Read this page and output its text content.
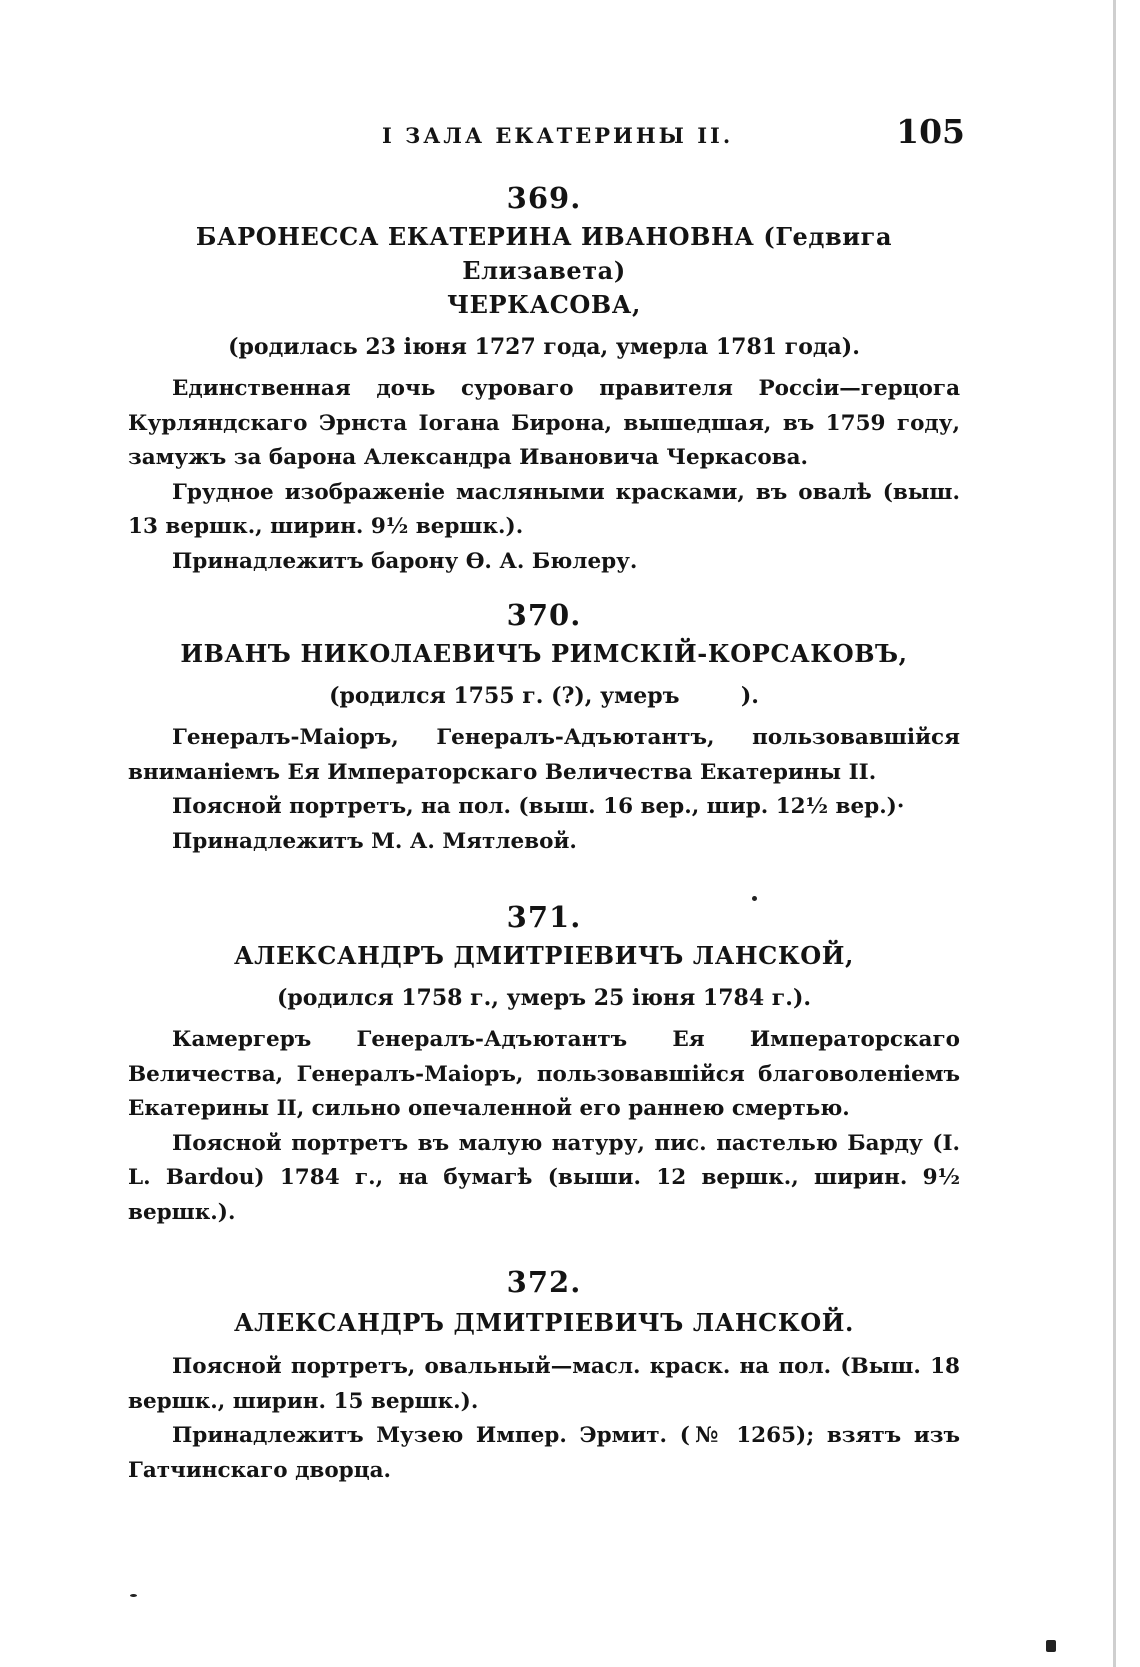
I ЗАЛА ЕКАТЕРИНЫ II.	105
369.
БАРОНЕССА ЕКАТЕРИНА ИВАНОВНА (Гедвига Елизавета)
ЧЕРКАСОВА,
(родилась 23 іюня 1727 года, умерла 1781 года).

Единственная дочь суроваго правителя Россіи—герцога Курляндскаго Эрнста Іогана Бирона, вышедшая, въ 1759 году, замужъ за барона Александра Ивановича Черкасова.

Грудное изображеніе масляными красками, въ овалѣ (выш. 13 вершк., ширин. 9½ вершк.).

Принадлежитъ барону Ѳ. А. Бюлеру.

370.
ИВАНЪ НИКОЛАЕВИЧЪ РИМСКІЙ-КОРСАКОВЪ,
(родился 1755 г. (?), умеръ        ).

Генералъ-Маіоръ, Генералъ-Адъютантъ, пользовавшійся вниманіемъ Ея Императорскаго Величества Екатерины II.

Поясной портретъ, на пол. (выш. 16 вер., шир. 12½ вер.)·

Принадлежитъ М. А. Мятлевой.

371.
АЛЕКСАНДРЪ ДМИТРІЕВИЧЪ ЛАНСКОЙ,
(родился 1758 г., умеръ 25 іюня 1784 г.).

Камергеръ Генералъ-Адъютантъ Ея Императорскаго Величества, Генералъ-Маіоръ, пользовавшійся благоволеніемъ Екатерины II, сильно опечаленной его раннею смертью.

Поясной портретъ въ малую натуру, пис. пастелью Барду (I. L. Bardou) 1784 г., на бумагѣ (выши. 12 вершк., ширин. 9½ вершк.).

372.
АЛЕКСАНДРЪ ДМИТРІЕВИЧЪ ЛАНСКОЙ.

Поясной портретъ, овальный—масл. краск. на пол. (Выш. 18 вершк., ширин. 15 вершк.).

Принадлежитъ Музею Импер. Эрмит. (№ 1265); взятъ изъ Гатчинскаго дворца.
